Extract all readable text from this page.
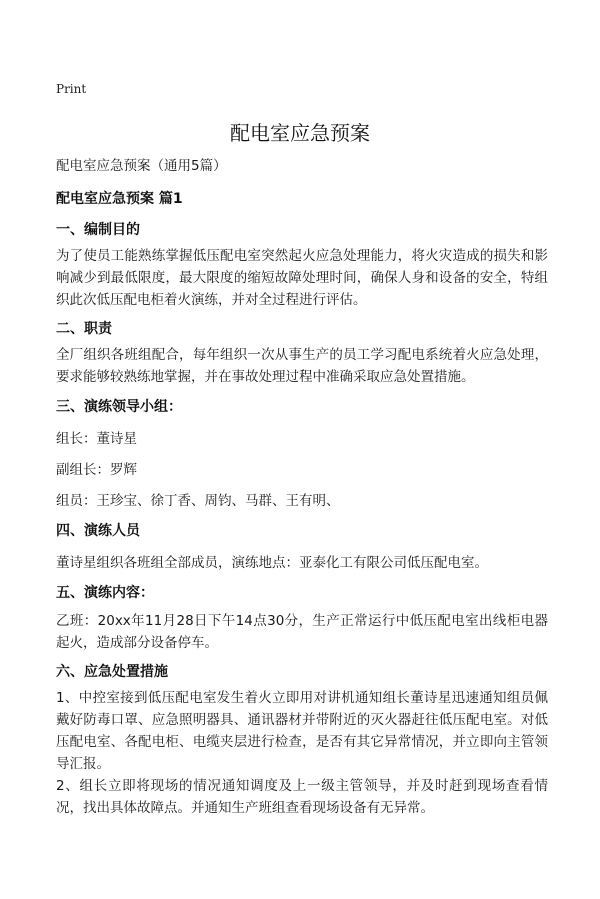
Print
配电室应急预案

配电室应急预案（通用5篇）

配电室应急预案 篇1
一、编制目的

为了使员工能熟练掌握低压配电室突然起火应急处理能力，将火灾造成的损失和影响减少到最低限度，最大限度的缩短故障处理时间，确保人身和设备的安全，特组织此次低压配电柜着火演练，并对全过程进行评估。

二、职责

全厂组织各班组配合，每年组织一次从事生产的员工学习配电系统着火应急处理，要求能够较熟练地掌握，并在事故处理过程中准确采取应急处置措施。

三、演练领导小组：

组长：董诗星

副组长：罗辉

组员：王珍宝、徐丁香、周钧、马群、王有明、

四、演练人员

董诗星组织各班组全部成员，演练地点：亚泰化工有限公司低压配电室。

五、演练内容：

乙班：20xx年11月28日下午14点30分，生产正常运行中低压配电室出线柜电器起火，造成部分设备停车。

六、应急处置措施

1、中控室接到低压配电室发生着火立即用对讲机通知组长董诗星迅速通知组员佩戴好防毒口罩、应急照明器具、通讯器材并带附近的灭火器赶往低压配电室。对低压配电室、各配电柜、电缆夹层进行检查，是否有其它异常情况，并立即向主管领导汇报。

2、组长立即将现场的情况通知调度及上一级主管领导，并及时赶到现场查看情况，找出具体故障点。并通知生产班组查看现场设备有无异常。
